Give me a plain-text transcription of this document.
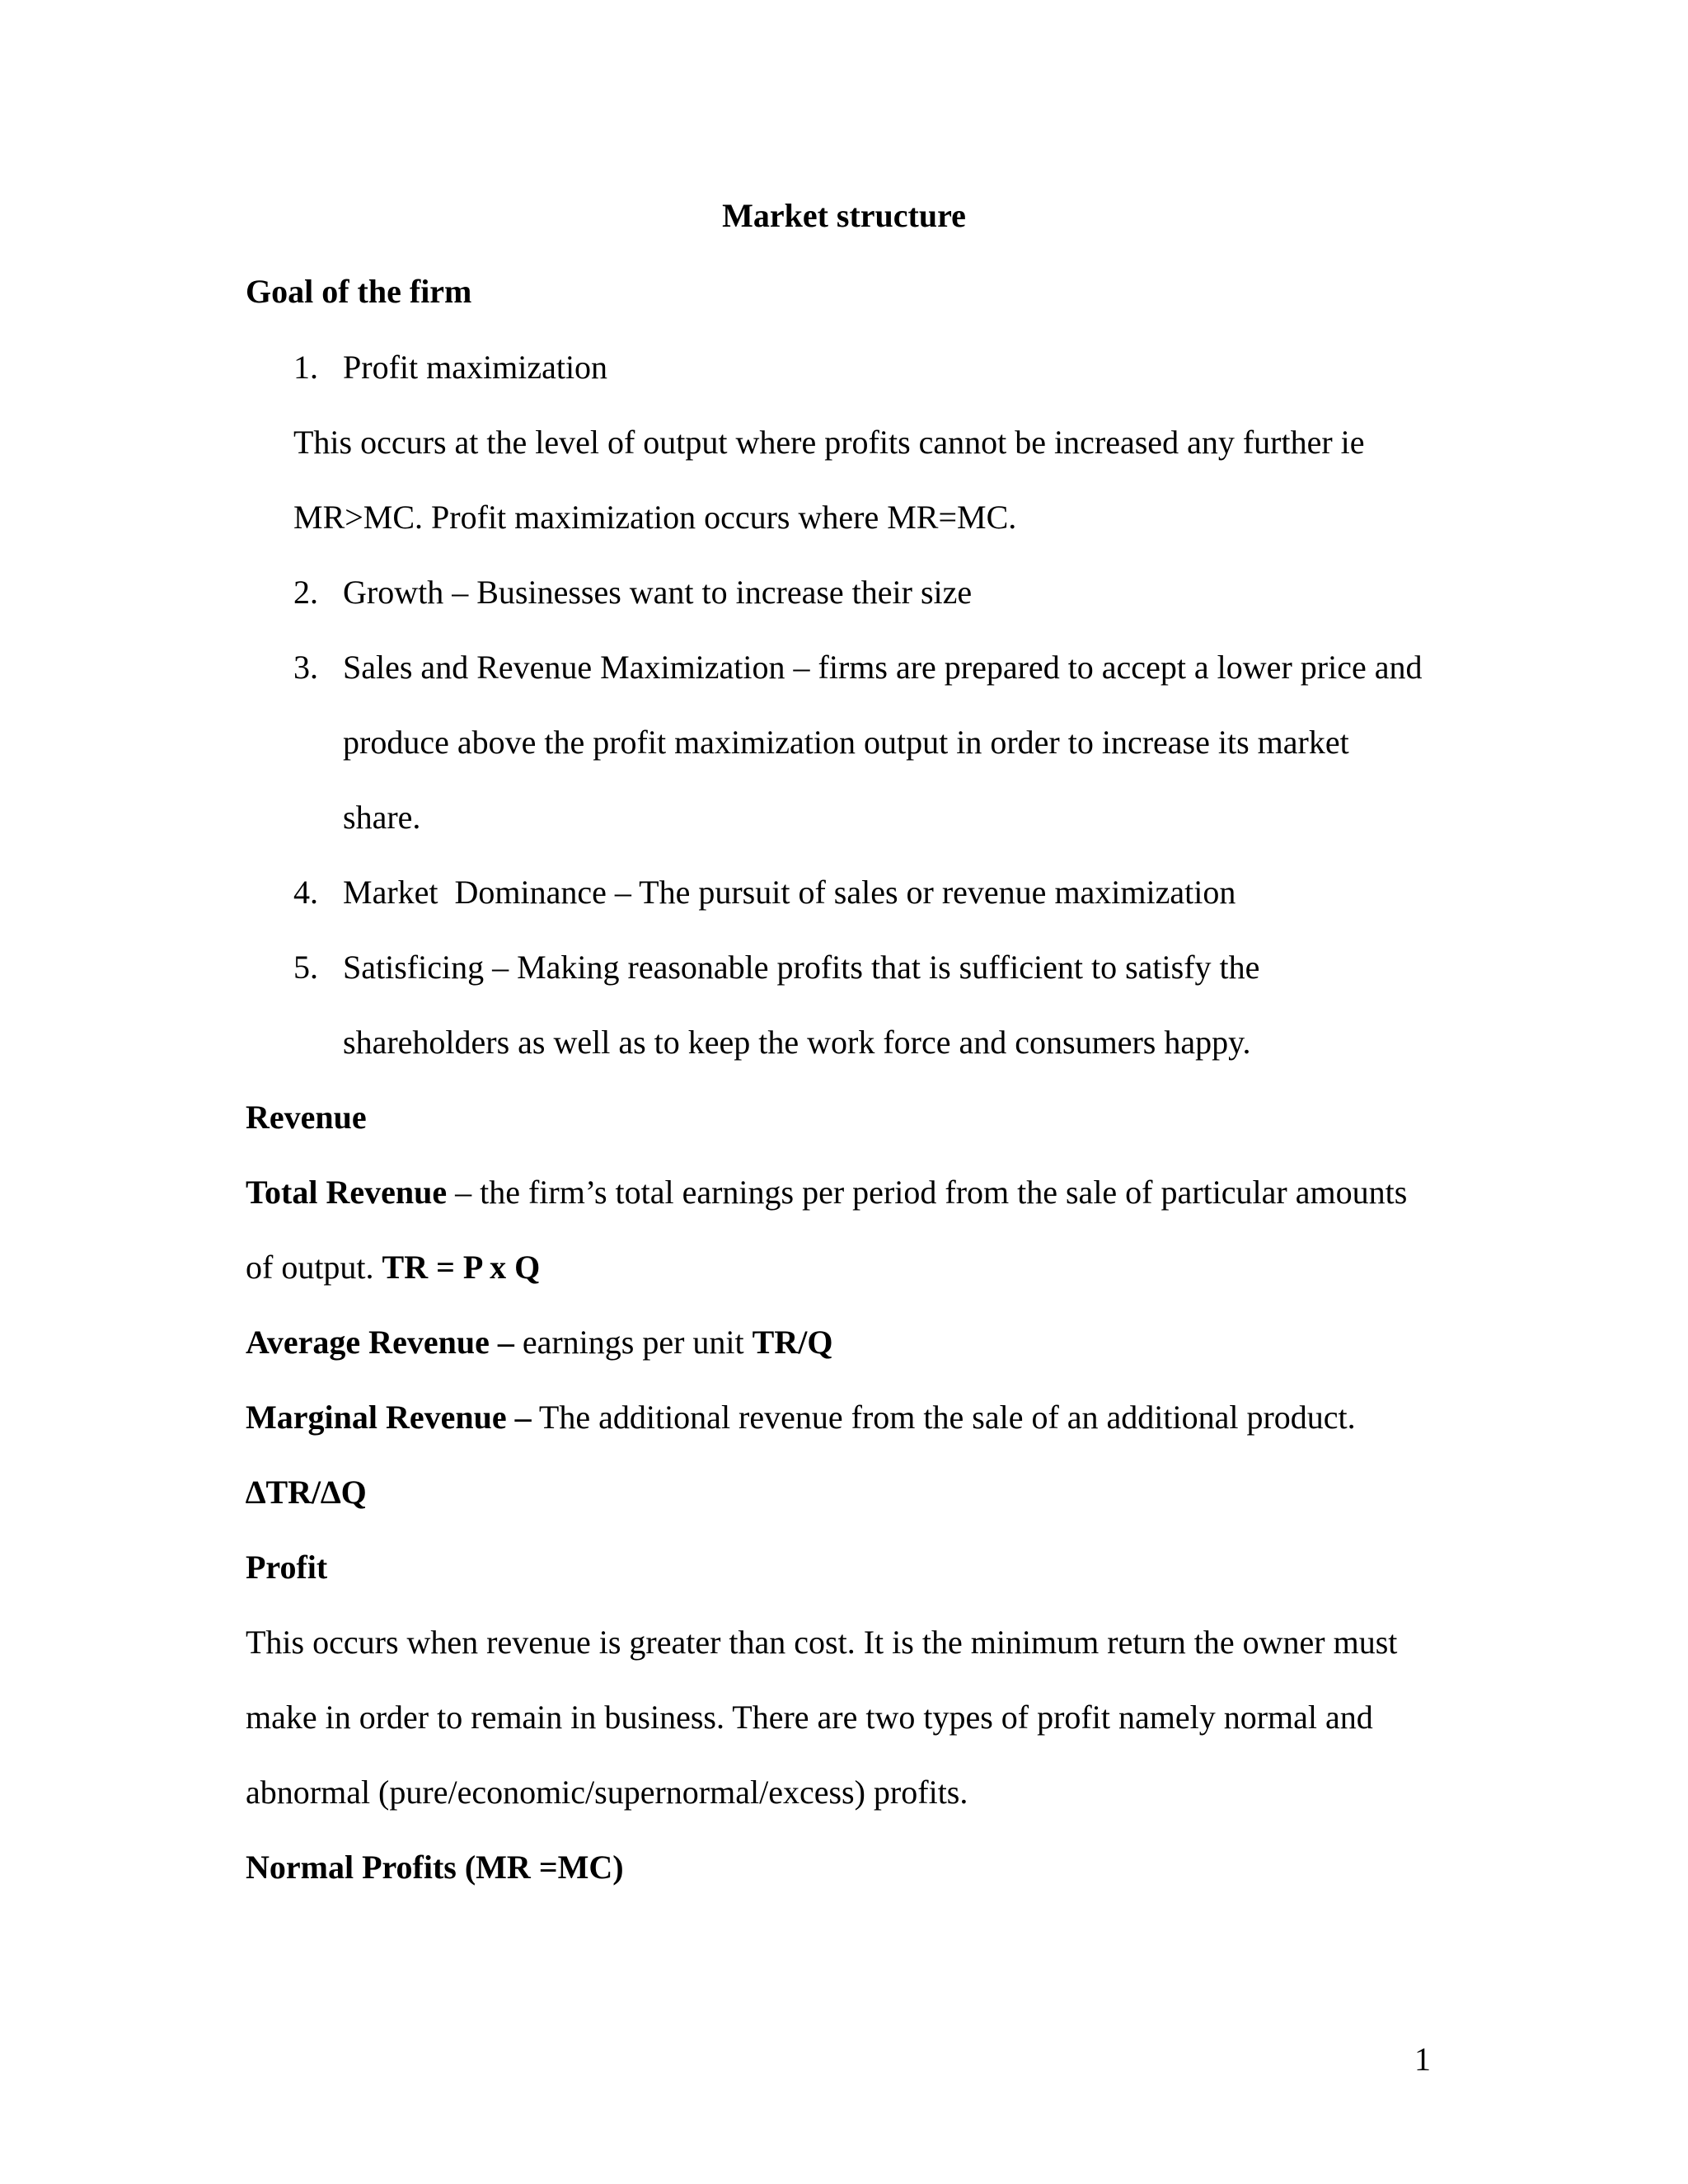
Market structure

Goal of the firm

1. Profit maximization

This occurs at the level of output where profits cannot be increased any further ie

MR>MC. Profit maximization occurs where MR=MC.

2. Growth – Businesses want to increase their size

3. Sales and Revenue Maximization – firms are prepared to accept a lower price and

produce above the profit maximization output in order to increase its market

share.

4. Market  Dominance – The pursuit of sales or revenue maximization

5. Satisficing – Making reasonable profits that is sufficient to satisfy the

shareholders as well as to keep the work force and consumers happy.

Revenue

Total Revenue – the firm’s total earnings per period from the sale of particular amounts

of output. TR = P x Q

Average Revenue – earnings per unit TR/Q

Marginal Revenue – The additional revenue from the sale of an additional product.

∆TR/∆Q

Profit

This occurs when revenue is greater than cost. It is the minimum return the owner must

make in order to remain in business. There are two types of profit namely normal and

abnormal (pure/economic/supernormal/excess) profits.

Normal Profits (MR =MC)

1
